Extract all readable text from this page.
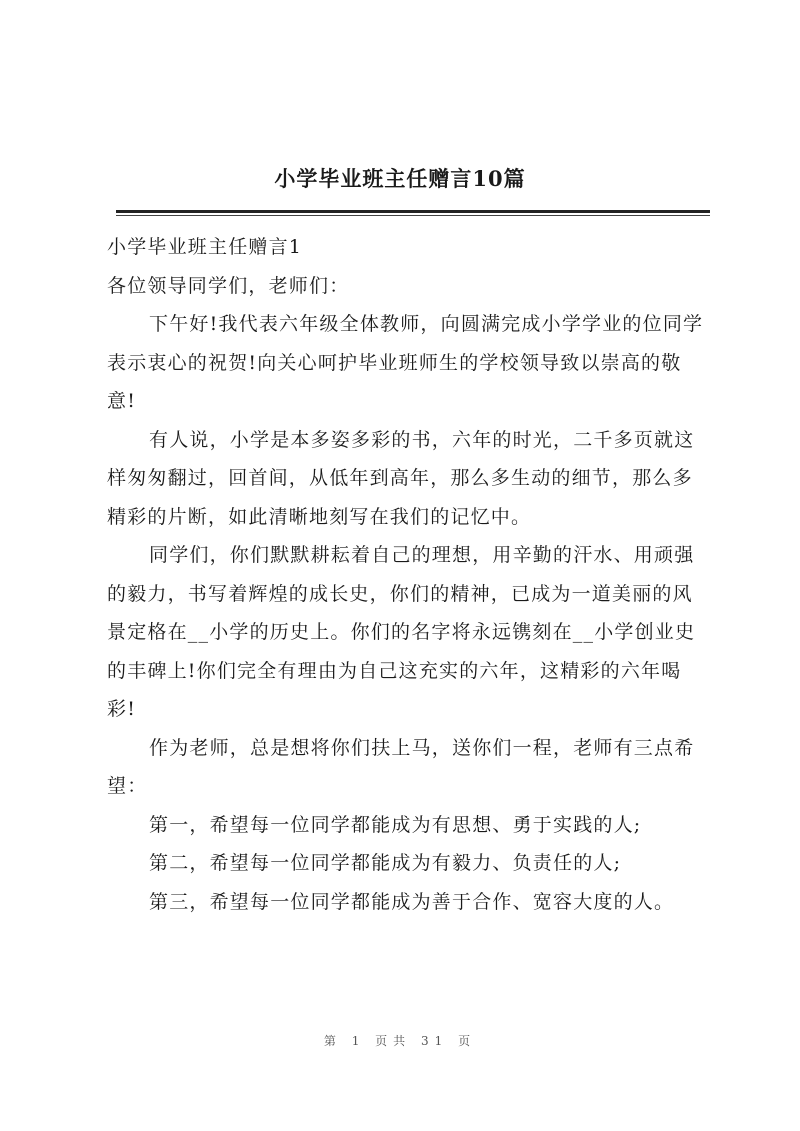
小学毕业班主任赠言10篇

小学毕业班主任赠言1

各位领导同学们，老师们：

下午好!我代表六年级全体教师，向圆满完成小学学业的位同学表示衷心的祝贺!向关心呵护毕业班师生的学校领导致以崇高的敬意!

有人说，小学是本多姿多彩的书，六年的时光，二千多页就这样匆匆翻过，回首间，从低年到高年，那么多生动的细节，那么多精彩的片断，如此清晰地刻写在我们的记忆中。

同学们，你们默默耕耘着自己的理想，用辛勤的汗水、用顽强的毅力，书写着辉煌的成长史，你们的精神，已成为一道美丽的风景定格在__小学的历史上。你们的名字将永远镌刻在__小学创业史的丰碑上!你们完全有理由为自己这充实的六年，这精彩的六年喝彩!

作为老师，总是想将你们扶上马，送你们一程，老师有三点希望：

第一，希望每一位同学都能成为有思想、勇于实践的人;

第二，希望每一位同学都能成为有毅力、负责任的人;

第三，希望每一位同学都能成为善于合作、宽容大度的人。

第 1 页共 31 页
